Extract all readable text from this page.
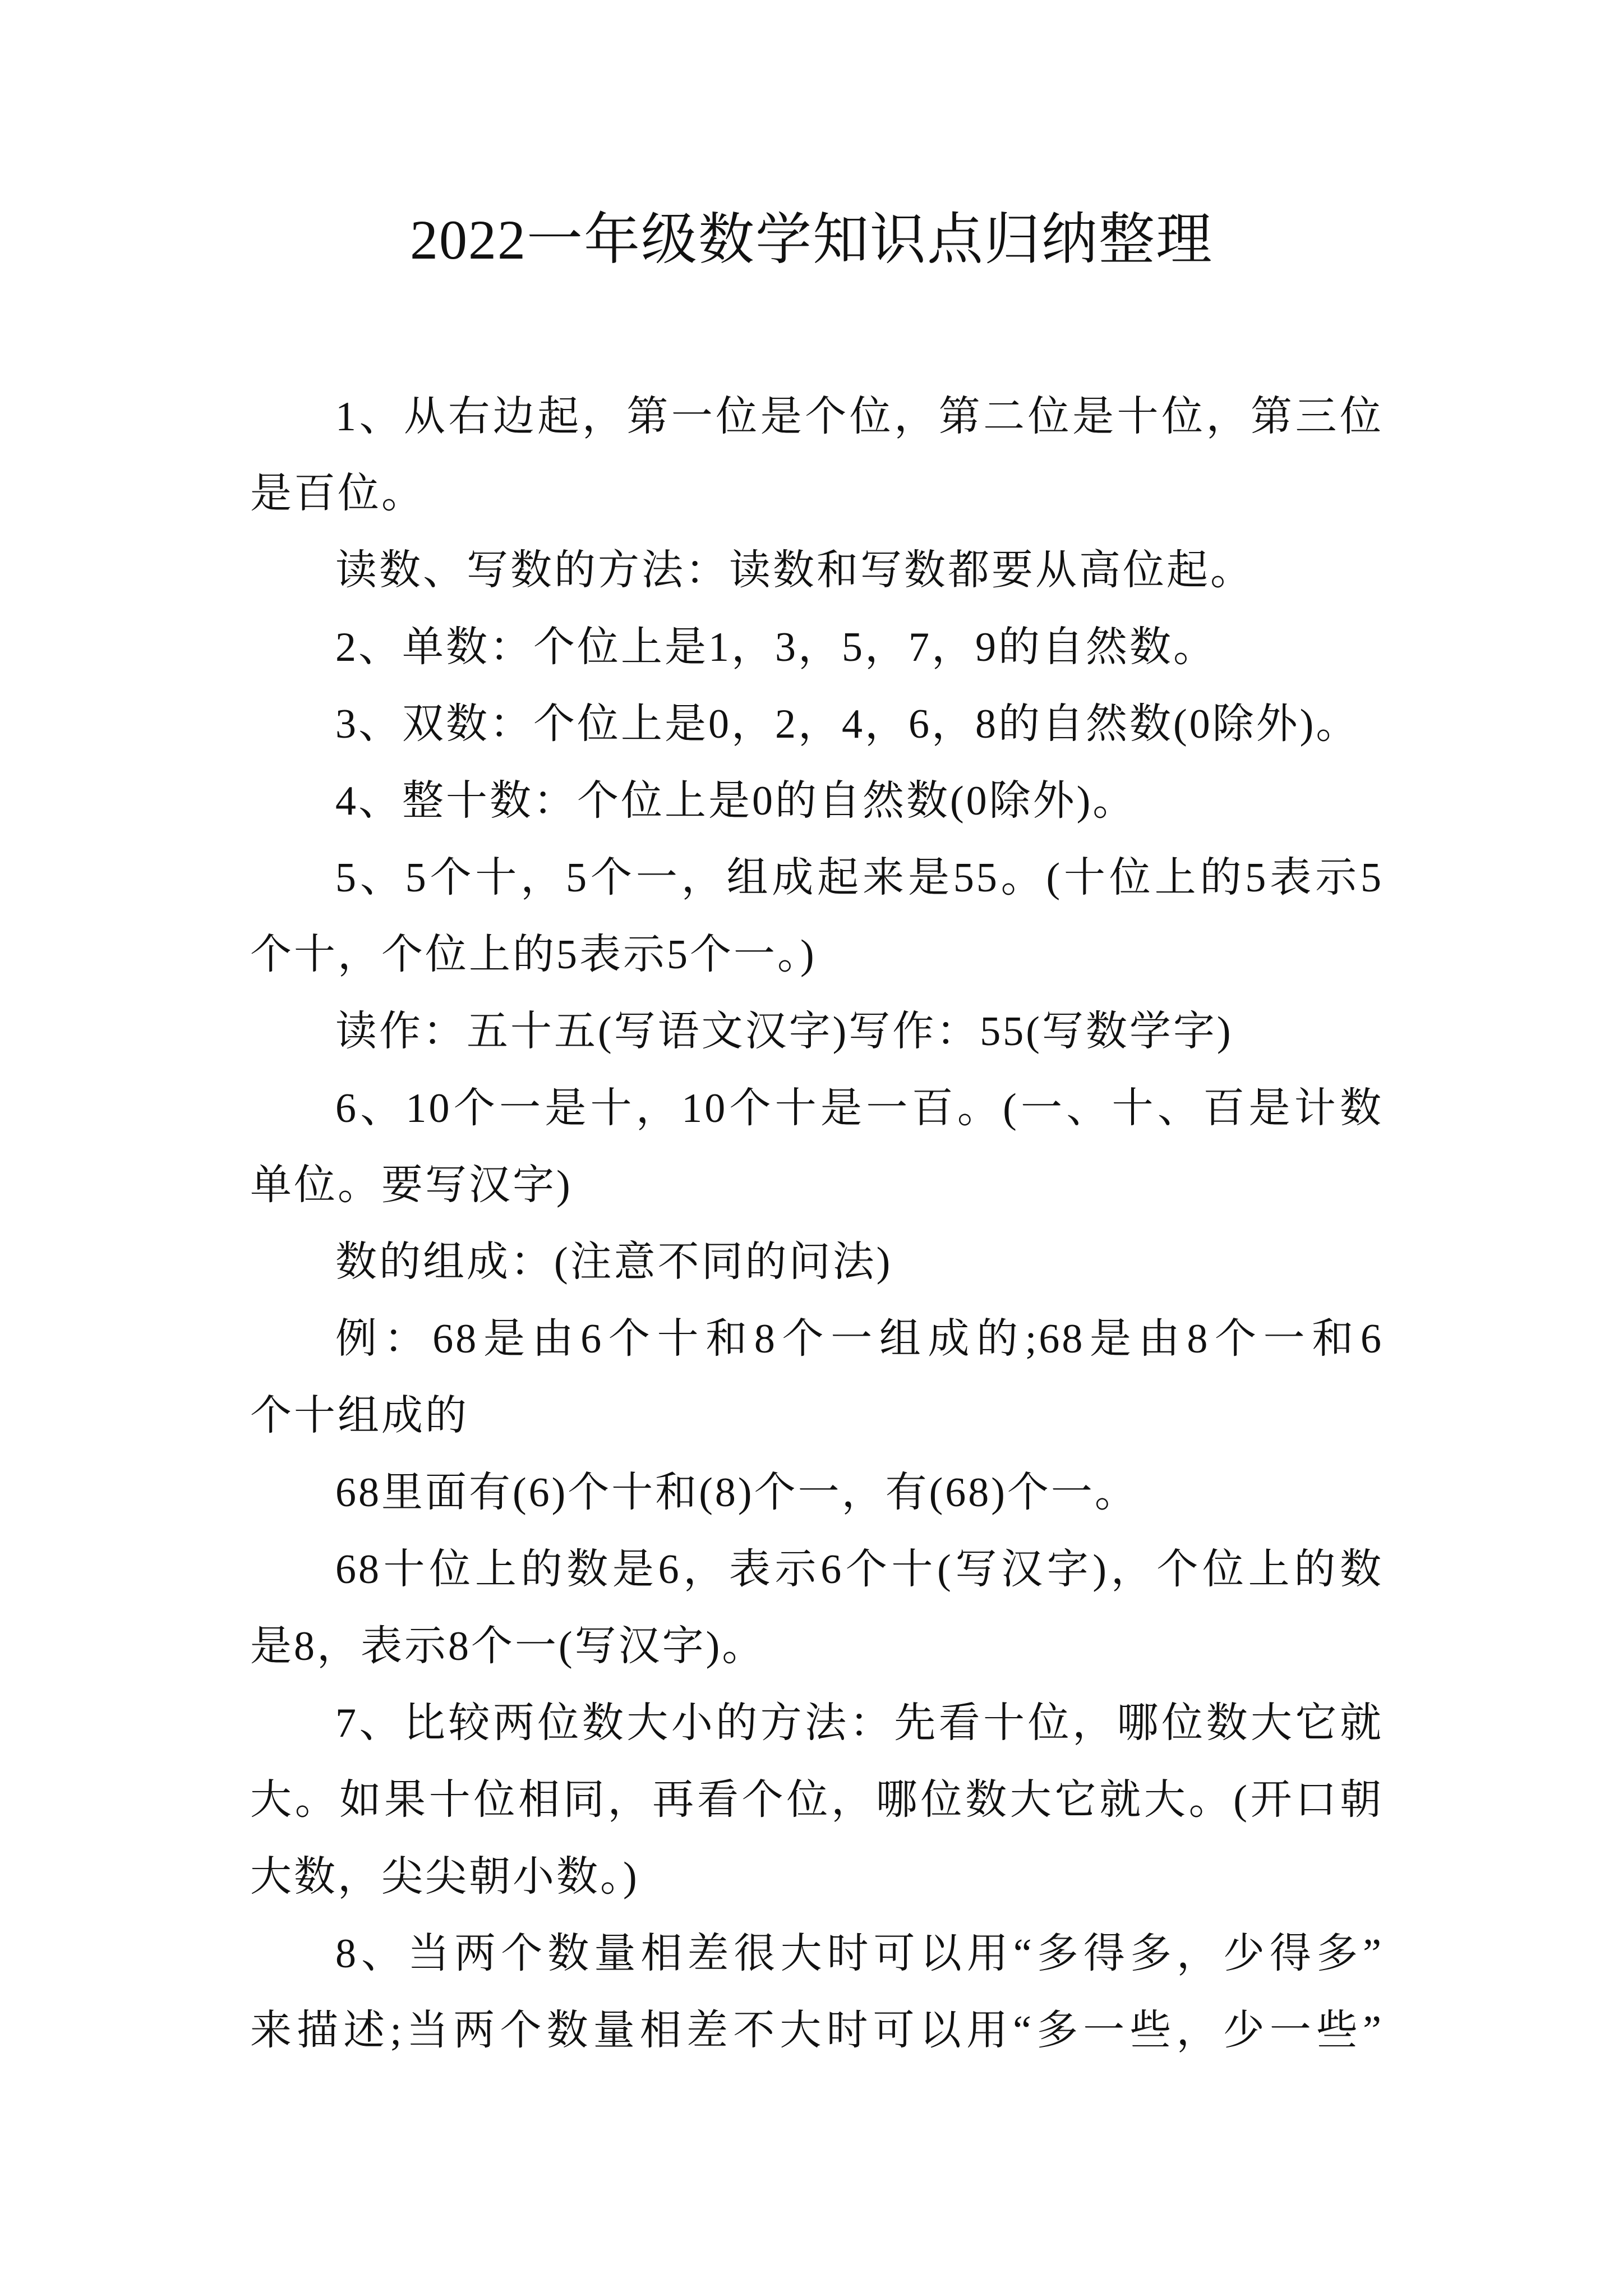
2022一年级数学知识点归纳整理
1、从右边起，第一位是个位，第二位是十位，第三位
是百位。
读数、写数的方法：读数和写数都要从高位起。
2、单数：个位上是1，3，5，7，9的自然数。
3、双数：个位上是0，2，4，6，8的自然数(0除外)。
4、整十数：个位上是0的自然数(0除外)。
5、5个十，5个一，组成起来是55。(十位上的5表示5
个十，个位上的5表示5个一。)
读作：五十五(写语文汉字)写作：55(写数学字)
6、10个一是十，10个十是一百。(一、十、百是计数
单位。要写汉字)
数的组成：(注意不同的问法)
例：68是由6个十和8个一组成的;68是由8个一和6
个十组成的
68里面有(6)个十和(8)个一，有(68)个一。
68十位上的数是6，表示6个十(写汉字)，个位上的数
是8，表示8个一(写汉字)。
7、比较两位数大小的方法：先看十位，哪位数大它就
大。如果十位相同，再看个位，哪位数大它就大。(开口朝
大数，尖尖朝小数。)
8、当两个数量相差很大时可以用“多得多，少得多”
来描述;当两个数量相差不大时可以用“多一些，少一些”
